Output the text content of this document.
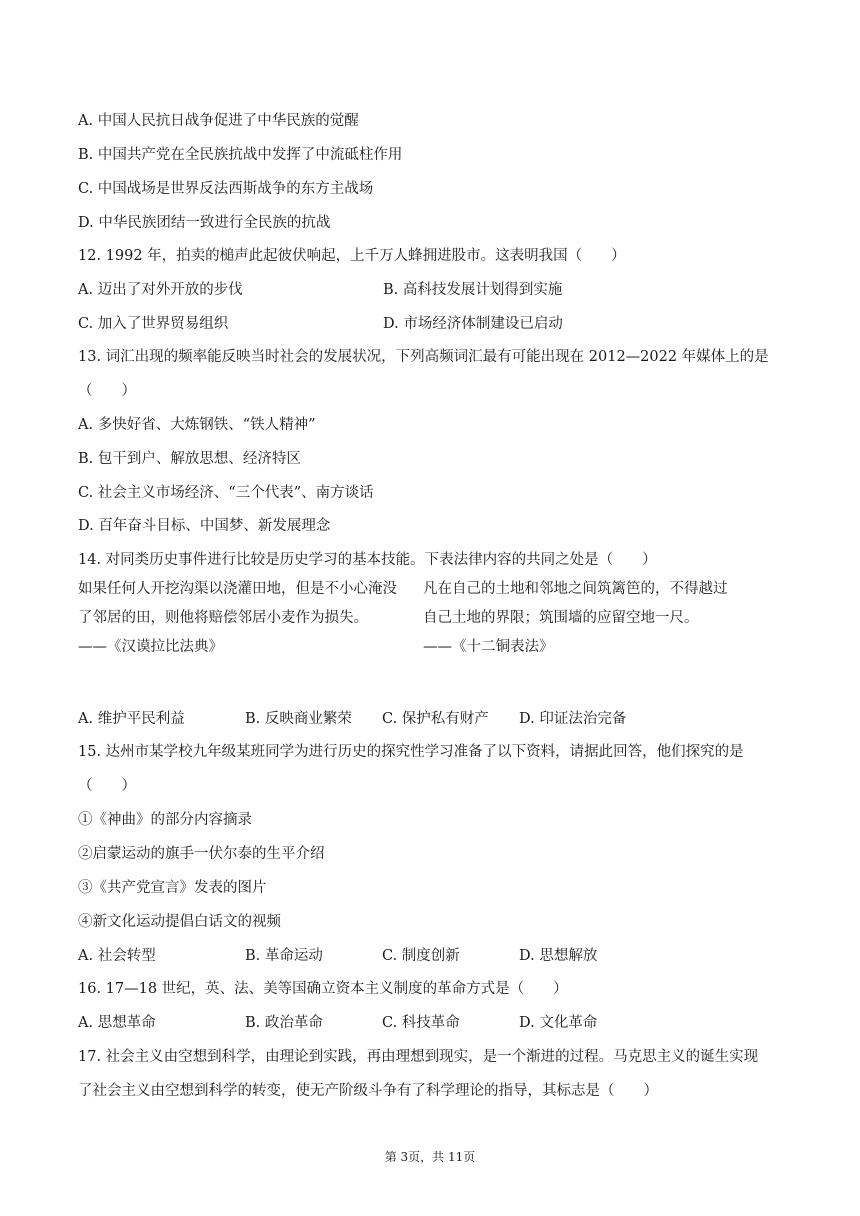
A. 中国人民抗日战争促进了中华民族的觉醒
B. 中国共产党在全民族抗战中发挥了中流砥柱作用
C. 中国战场是世界反法西斯战争的东方主战场
D. 中华民族团结一致进行全民族的抗战
12. 1992 年，拍卖的槌声此起彼伏响起，上千万人蜂拥进股市。这表明我国（　　）
A. 迈出了对外开放的步伐	B. 高科技发展计划得到实施
C. 加入了世界贸易组织	D. 市场经济体制建设已启动
13. 词汇出现的频率能反映当时社会的发展状况，下列高频词汇最有可能出现在 2012—2022 年媒体上的是
（　　）
A. 多快好省、大炼钢铁、“铁人精神”
B. 包干到户、解放思想、经济特区
C. 社会主义市场经济、“三个代表”、南方谈话
D. 百年奋斗目标、中国梦、新发展理念
14. 对同类历史事件进行比较是历史学习的基本技能。下表法律内容的共同之处是（　　）
如果任何人开挖沟渠以浇灌田地，但是不小心淹没
了邻居的田，则他将赔偿邻居小麦作为损失。
——《汉谟拉比法典》
凡在自己的土地和邻地之间筑篱笆的，不得越过
自己土地的界限；筑围墙的应留空地一尺。
——《十二铜表法》
A. 维护平民利益	B. 反映商业繁荣 C. 保护私有财产 D. 印证法治完备
15. 达州市某学校九年级某班同学为进行历史的探究性学习准备了以下资料，请据此回答，他们探究的是
（　　）
①《神曲》的部分内容摘录
②启蒙运动的旗手一伏尔泰的生平介绍
③《共产党宣言》发表的图片
④新文化运动提倡白话文的视频
A. 社会转型	B. 革命运动	C. 制度创新	D. 思想解放
16. 17—18 世纪，英、法、美等国确立资本主义制度的革命方式是（　　）
A. 思想革命	B. 政治革命	C. 科技革命	D. 文化革命
17. 社会主义由空想到科学，由理论到实践，再由理想到现实，是一个渐进的过程。马克思主义的诞生实现
了社会主义由空想到科学的转变，使无产阶级斗争有了科学理论的指导，其标志是（　　）
第 3页，共 11页
